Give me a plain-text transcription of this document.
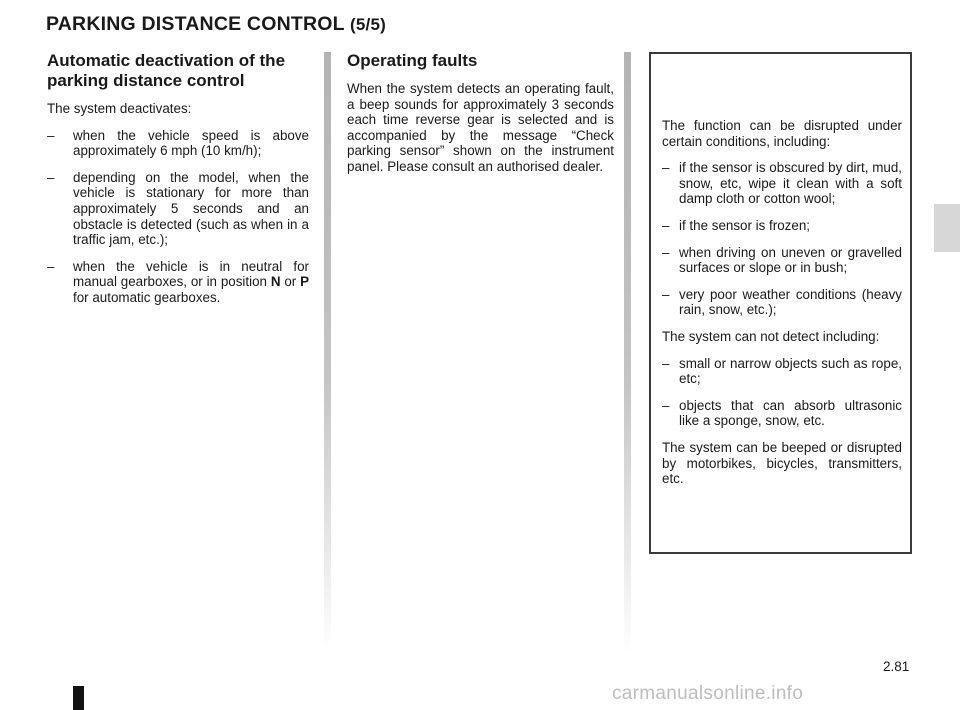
PARKING DISTANCE CONTROL (5/5)
Automatic deactivation of the parking distance control

The system deactivates:

– when the vehicle speed is above approximately 6 mph (10 km/h);
– depending on the model, when the vehicle is stationary for more than approximately 5 seconds and an obstacle is detected (such as when in a traffic jam, etc.);
– when the vehicle is in neutral for manual gearboxes, or in position N or P for automatic gearboxes.
Operating faults

When the system detects an operating fault, a beep sounds for approximately 3 seconds each time reverse gear is selected and is accompanied by the message “Check parking sensor” shown on the instrument panel. Please consult an authorised dealer.

The function can be disrupted under certain conditions, including:

– if the sensor is obscured by dirt, mud, snow, etc, wipe it clean with a soft damp cloth or cotton wool;
– if the sensor is frozen;
– when driving on uneven or gravelled surfaces or slope or in bush;
– very poor weather conditions (heavy rain, snow, etc.);

The system can not detect including:

– small or narrow objects such as rope, etc;
– objects that can absorb ultrasonic like a sponge, snow, etc.

The system can be beeped or disrupted by motorbikes, bicycles, transmitters, etc.

2.81
carmanualsonline.info
